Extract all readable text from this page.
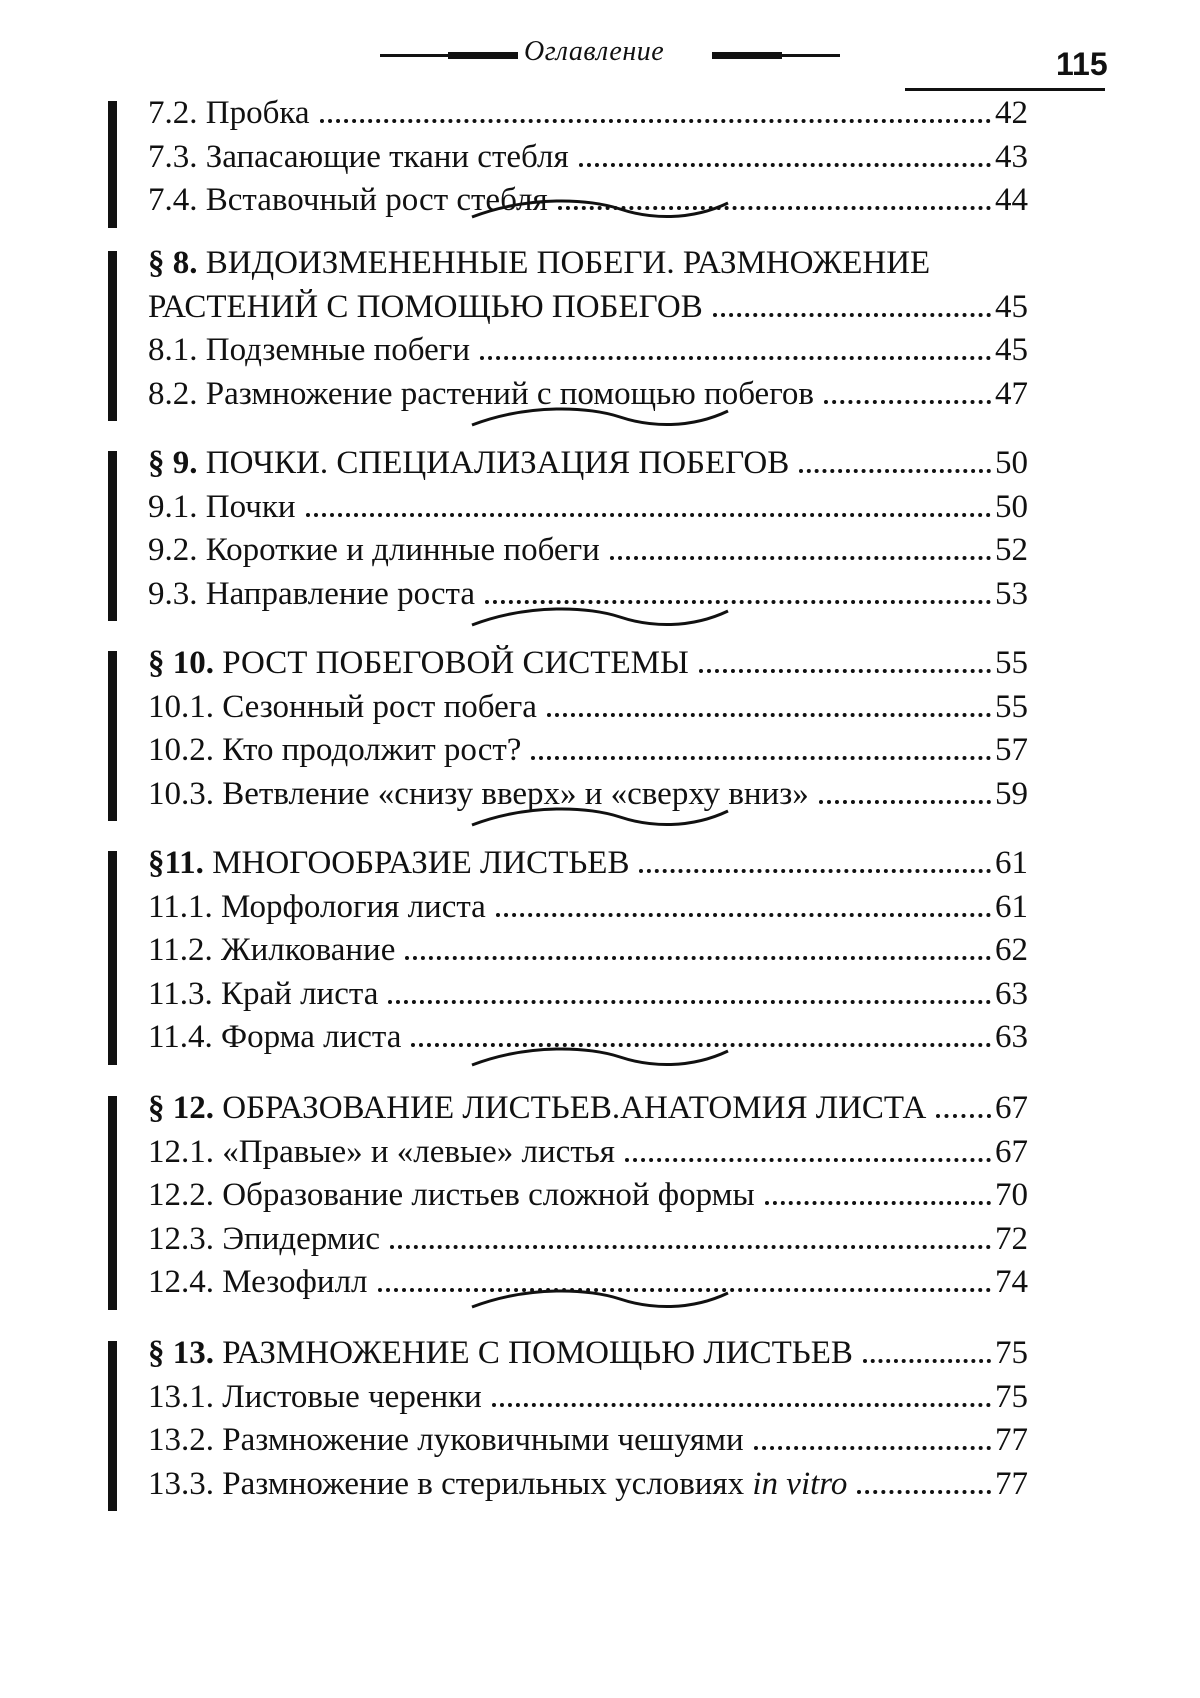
Оглавление	115
7.2. Пробка	42
7.3. Запасающие ткани стебля	43
7.4. Вставочный рост стебля	44
§ 8. ВИДОИЗМЕНЕННЫЕ ПОБЕГИ. РАЗМНОЖЕНИЕ
РАСТЕНИЙ С ПОМОЩЬЮ ПОБЕГОВ	45
8.1. Подземные побеги	45
8.2. Размножение растений с помощью побегов	47
§ 9. ПОЧКИ. СПЕЦИАЛИЗАЦИЯ ПОБЕГОВ	50
9.1. Почки	50
9.2. Короткие и длинные побеги	52
9.3. Направление роста	53
§ 10. РОСТ ПОБЕГОВОЙ СИСТЕМЫ	55
10.1. Сезонный рост побега	55
10.2. Кто продолжит рост?	57
10.3. Ветвление «снизу вверх» и «сверху вниз»	59
§11. МНОГООБРАЗИЕ ЛИСТЬЕВ	61
11.1. Морфология листа	61
11.2. Жилкование	62
11.3. Край листа	63
11.4. Форма листа	63
§ 12. ОБРАЗОВАНИЕ ЛИСТЬЕВ.АНАТОМИЯ ЛИСТА 67
12.1. «Правые» и «левые» листья	67
12.2. Образование листьев сложной формы	70
12.3. Эпидермис	72
12.4. Мезофилл	74
§ 13. РАЗМНОЖЕНИЕ С ПОМОЩЬЮ ЛИСТЬЕВ	75
13.1. Листовые черенки	75
13.2. Размножение луковичными чешуями	77
13.3. Размножение в стерильных условиях in vitro	77
